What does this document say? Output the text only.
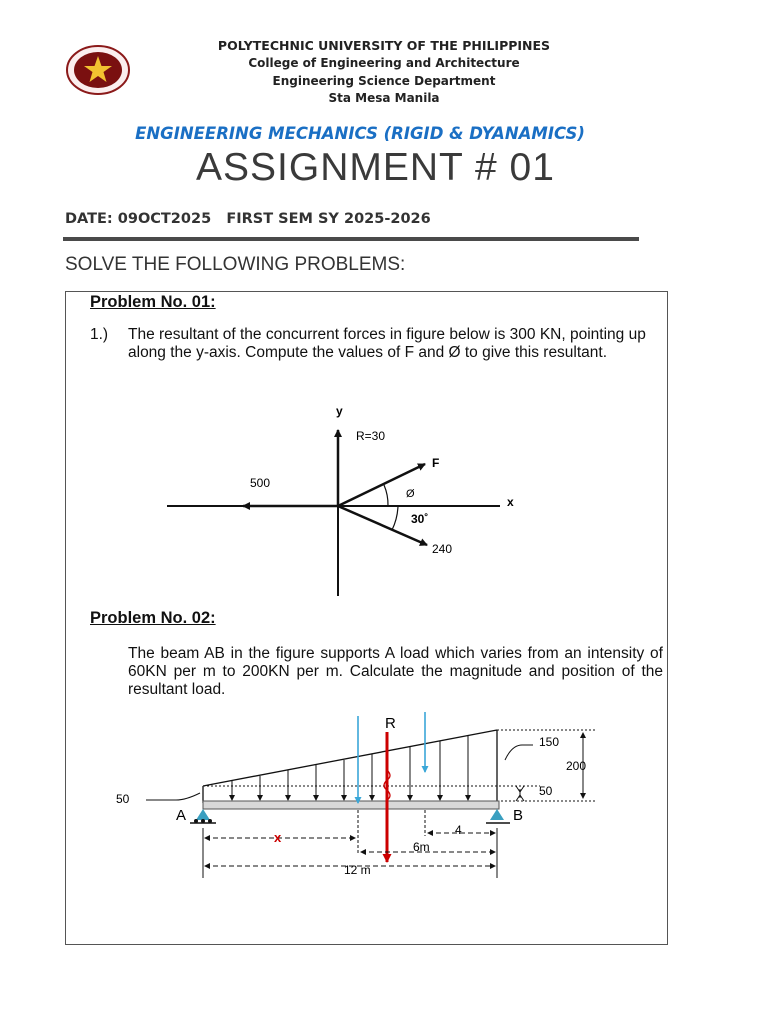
POLYTECHNIC UNIVERSITY OF THE PHILIPPINES
College of Engineering and Architecture
Engineering Science Department
Sta Mesa Manila
ENGINEERING MECHANICS (RIGID & DYANAMICS)
ASSIGNMENT # 01
DATE: 09OCT2025   FIRST SEM SY 2025-2026
SOLVE THE FOLLOWING PROBLEMS:
Problem No. 01:
1.) The resultant of the concurrent forces in figure below is 300 KN, pointing up along the y-axis. Compute the values of F and Ø to give this resultant.
y
x
R=30
F
500
240
Ø
30˚
Problem No. 02:
The beam AB in the figure supports A load which varies from an intensity of 60KN per m to 200KN per m. Calculate the magnitude and position of the resultant load.
R
A	B
50
150
200
50
x	4
6m
12 m
